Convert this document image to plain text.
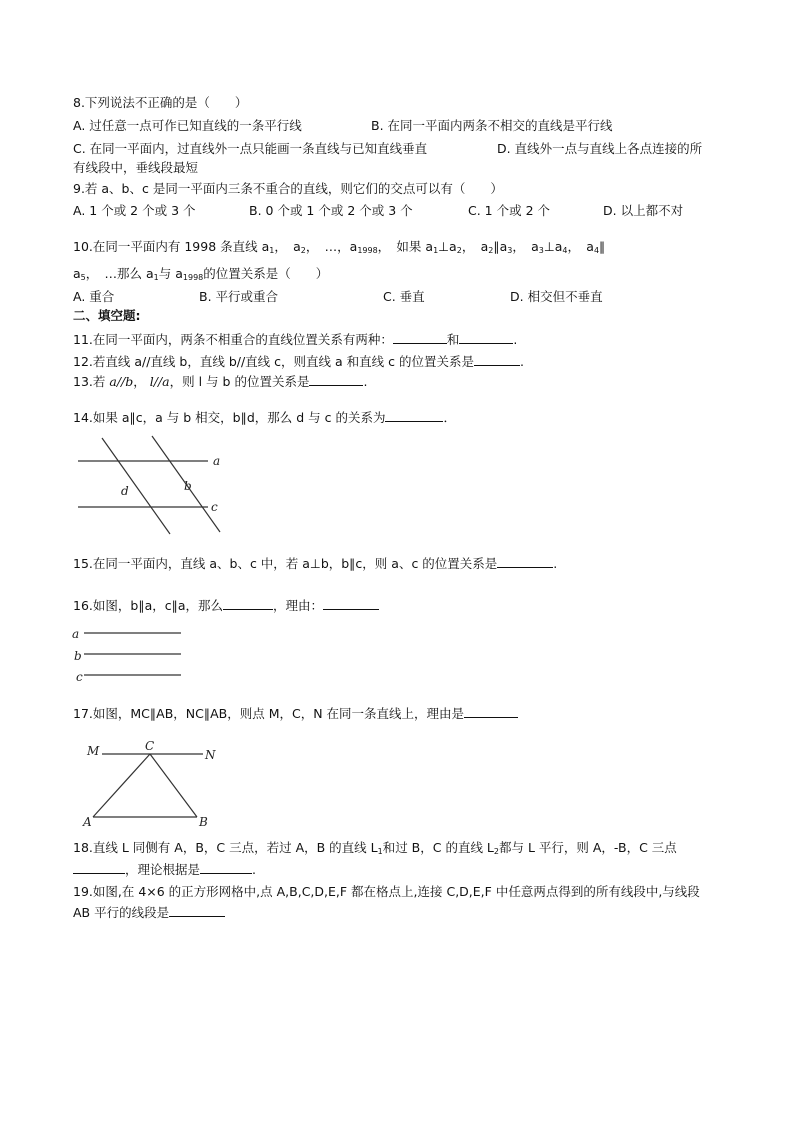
8.下列说法不正确的是（　　）
A. 过任意一点可作已知直线的一条平行线	B. 在同一平面内两条不相交的直线是平行线
C. 在同一平面内，过直线外一点只能画一条直线与已知直线垂直	D. 直线外一点与直线上各点连接的所
有线段中，垂线段最短
9.若 a、b、c 是同一平面内三条不重合的直线，则它们的交点可以有（　　）
A. 1 个或 2 个或 3 个	B. 0 个或 1 个或 2 个或 3 个	C. 1 个或 2 个	D. 以上都不对
10.在同一平面内有 1998 条直线 $a_1$，　$a_2$，　…，$a_{1998}$，　如果 $a_1\perp a_2$，　$a_2\parallel a_3$，　$a_3\perp a_4$，　$a_4\parallel$
$a_5$，　…那么 $a_1$与 $a_{1998}$的位置关系是（　　）
A. 重合	B. 平行或重合	C. 垂直	D. 相交但不垂直
二、填空题:
11.在同一平面内，两条不相重合的直线位置关系有两种：	和	.
12.若直线 a//直线 b，直线 b//直线 c，则直线 a 和直线 c 的位置关系是	.
13.若 a//b， l//a，则 l 与 b 的位置关系是	.
14.如果 a∥c，a 与 b 相交，b∥d，那么 d 与 c 的关系为	．
a
b
c
d
15.在同一平面内，直线 a、b、c 中，若 a⊥b，b∥c，则 a、c 的位置关系是	.
16.如图，b∥a，c∥a，那么	，理由：
a
b
c
17.如图，MC∥AB，NC∥AB，则点 M，C，N 在同一条直线上，理由是
M	C
N
A	B
18.直线 L 同侧有 A，B，C 三点，若过 A，B 的直线 $L_1$和过 B，C 的直线 $L_2$都与 L 平行，则 A，-B，C 三点
，理论根据是	.
19.如图,在 4×6 的正方形网格中,点 A,B,C,D,E,F 都在格点上,连接 C,D,E,F 中任意两点得到的所有线段中,与线段
AB 平行的线段是
